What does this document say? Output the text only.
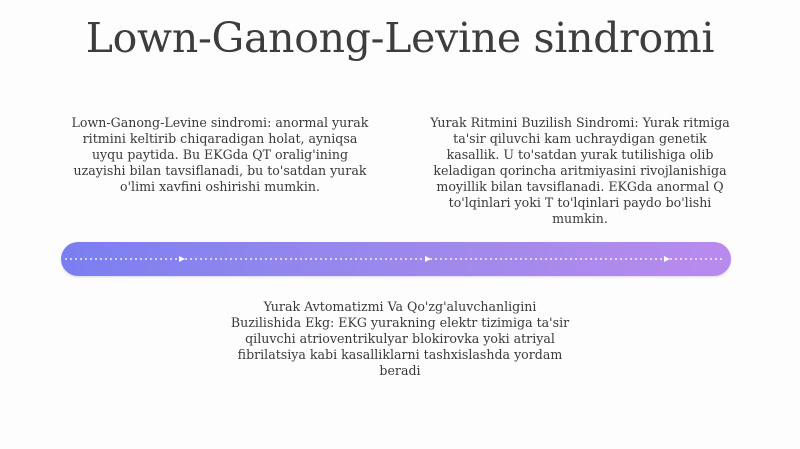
Lown-Ganong-Levine sindromi
Lown-Ganong-Levine sindromi: anormal yurak ritmini keltirib chiqaradigan holat, ayniqsa uyqu paytida. Bu EKGda QT oralig'ining uzayishi bilan tavsiflanadi, bu to'satdan yurak o'limi xavfini oshirishi mumkin.
Yurak Ritmini Buzilish Sindromi: Yurak ritmiga ta'sir qiluvchi kam uchraydigan genetik kasallik. U to'satdan yurak tutilishiga olib keladigan qorincha aritmiyasini rivojlanishiga moyillik bilan tavsiflanadi. EKGda anormal Q to'lqinlari yoki T to'lqinlari paydo bo'lishi mumkin.
Yurak Avtomatizmi Va Qo'zg'aluvchanligini Buzilishida Ekg: EKG yurakning elektr tizimiga ta'sir qiluvchi atrioventrikulyar blokirovka yoki atriyal fibrilatsiya kabi kasalliklarni tashxislashda yordam beradi
